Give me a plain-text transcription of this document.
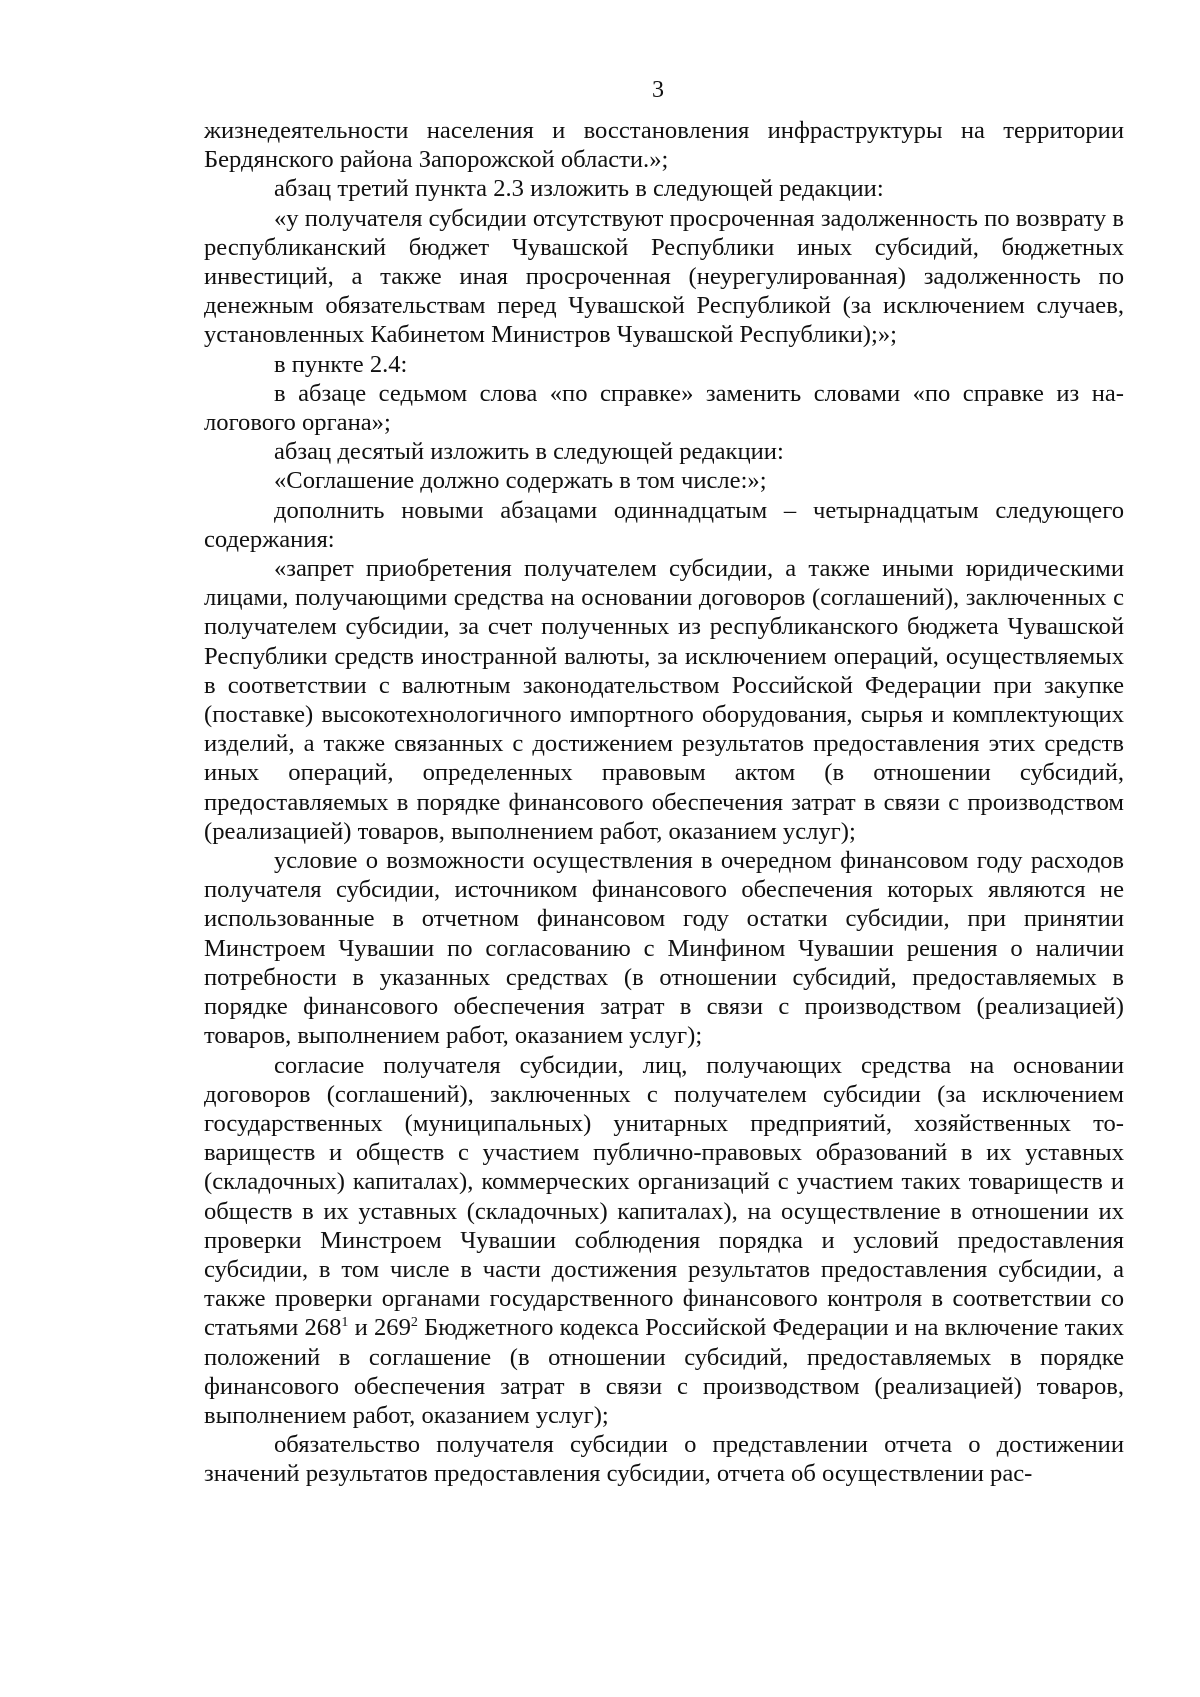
3

жизнедеятельности населения и восстановления инфраструктуры на территории Бердянского района Запорожской области.»;

абзац третий пункта 2.3 изложить в следующей редакции:

«у получателя субсидии отсутствуют просроченная задолженность по возврату в республиканский бюджет Чувашской Республики иных субсидий, бюджетных инвестиций, а также иная просроченная (неурегулированная) задолженность по денежным обязательствам перед Чувашской Республикой (за исключением случаев, установленных Кабинетом Министров Чувашской Республики);»;

в пункте 2.4:

в абзаце седьмом слова «по справке» заменить словами «по справке из налогового органа»;

абзац десятый изложить в следующей редакции:

«Соглашение должно содержать в том числе:»;

дополнить новыми абзацами одиннадцатым – четырнадцатым следующего содержания:

«запрет приобретения получателем субсидии, а также иными юридическими лицами, получающими средства на основании договоров (соглашений), заключенных с получателем субсидии, за счет полученных из республиканского бюджета Чувашской Республики средств иностранной валюты, за исключением операций, осуществляемых в соответствии с валютным законодательством Российской Федерации при закупке (поставке) высокотехнологичного импортного оборудования, сырья и комплектующих изделий, а также связанных с достижением результатов предоставления этих средств иных операций, определенных правовым актом (в отношении субсидий, предоставляемых в порядке финансового обеспечения затрат в связи с производством (реализацией) товаров, выполнением работ, оказанием услуг);

условие о возможности осуществления в очередном финансовом году расходов получателя субсидии, источником финансового обеспечения которых являются не использованные в отчетном финансовом году остатки субсидии, при принятии Минстроем Чувашии по согласованию с Минфином Чувашии решения о наличии потребности в указанных средствах (в отношении субсидий, предоставляемых в порядке финансового обеспечения затрат в связи с производством (реализацией) товаров, выполнением работ, оказанием услуг);

согласие получателя субсидии, лиц, получающих средства на основании договоров (соглашений), заключенных с получателем субсидии (за исключением государственных (муниципальных) унитарных предприятий, хозяйственных товариществ и обществ с участием публично-правовых образований в их уставных (складочных) капиталах), коммерческих организаций с участием таких товариществ и обществ в их уставных (складочных) капиталах), на осуществление в отношении их проверки Минстроем Чувашии соблюдения порядка и условий предоставления субсидии, в том числе в части достижения результатов предоставления субсидии, а также проверки органами государственного финансового контроля в соответствии со статьями $268^1$ и $269^2$ Бюджетного кодекса Российской Федерации и на включение таких положений в соглашение (в отношении субсидий, предоставляемых в порядке финансового обеспечения затрат в связи с производством (реализацией) товаров, выполнением работ, оказанием услуг);

обязательство получателя субсидии о представлении отчета о достижении значений результатов предоставления субсидии, отчета об осуществлении рас-
